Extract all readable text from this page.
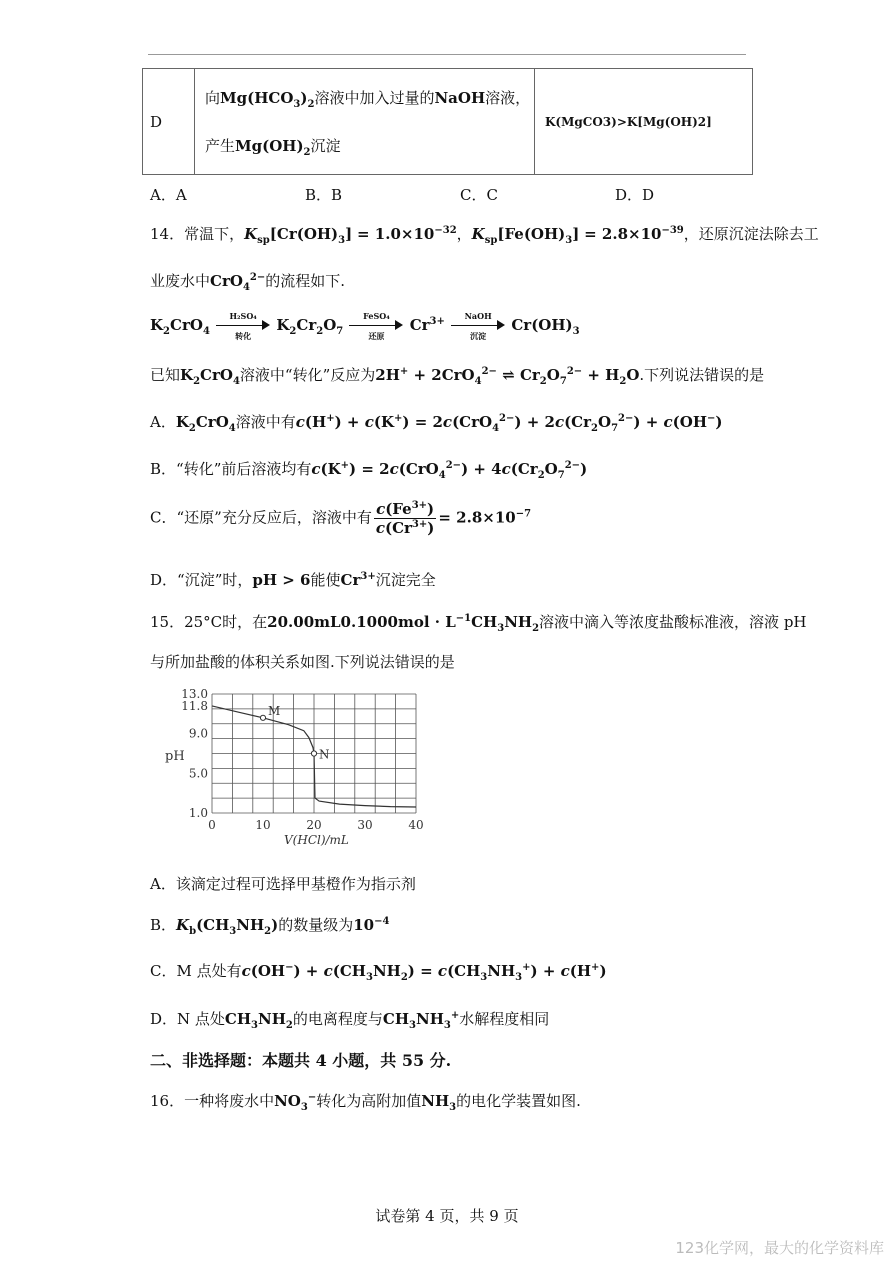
D	
向$Mg(HCO_3)_2$溶液中加入过量的NaOH溶液，
产生$Mg(OH)_2$沉淀
	K(MgCO3)>K[Mg(OH)2]
A．A	B．B	C．C	D．D
14．常温下，$K_{sp}[Cr(OH)_3] = 1.0\times 10^{-32}$，$K_{sp}[Fe(OH)_3] = 2.8\times 10^{-39}$，还原沉淀法除去工
业废水中CrO$_4^{2-}$的流程如下.
$K_2CrO_4$
H₂SO₄
转化
$K_2Cr_2O_7$
FeSO₄
还原
$Cr^{3+}$	NaOH
沉淀
$Cr(OH)_3$
已知$K_2CrO_4$溶液中“转化”反应为2H+ + 2CrO$_4^{2-}$ ⇌ $Cr_2O_7^{2-} + H_2O$.下列说法错误的是
A．$K_2CrO_4$溶液中有$c(H^+) + c(K^+) = 2c(CrO_4^{2-}) + 2c(Cr_2O_7^{2-}) + c(OH^-)$
B．“转化”前后溶液均有$c(K^+) = 2c(CrO_4^{2-}) + 4c(Cr_2O_7^{2-})$
C．“还原”充分反应后，溶液中有 $\frac{c(Fe^{3+})}{c(Cr^{3+})} = 2.8\times 10^{-7}$
D．“沉淀”时，pH > 6能使$Cr^{3+}$沉淀完全
15．25°C时，在$20.00mL0.1000mol \cdot L^{-1}CH_3NH_2$溶液中滴入等浓度盐酸标准液，溶液 pH
与所加盐酸的体积关系如图.下列说法错误的是
13.0
11.8
9.0
5.0
1.0
0	10	20	30	40
pH
V(HCl)/mL
M
N
A．该滴定过程可选择甲基橙作为指示剂
B．$K_b(CH_3NH_2)$的数量级为$10^{-4}$
C．M 点处有$c(OH^-) + c(CH_3NH_2) = c(CH_3NH_3^+) + c(H^+)$
D．N 点处$CH_3NH_2$的电离程度与$CH_3NH_3^+$水解程度相同
二、非选择题：本题共 4 小题，共 55 分.
16．一种将废水中$NO_3^-$转化为高附加值$NH_3$的电化学装置如图.
试卷第 4 页，共 9 页
123化学网，最大的化学资料库
